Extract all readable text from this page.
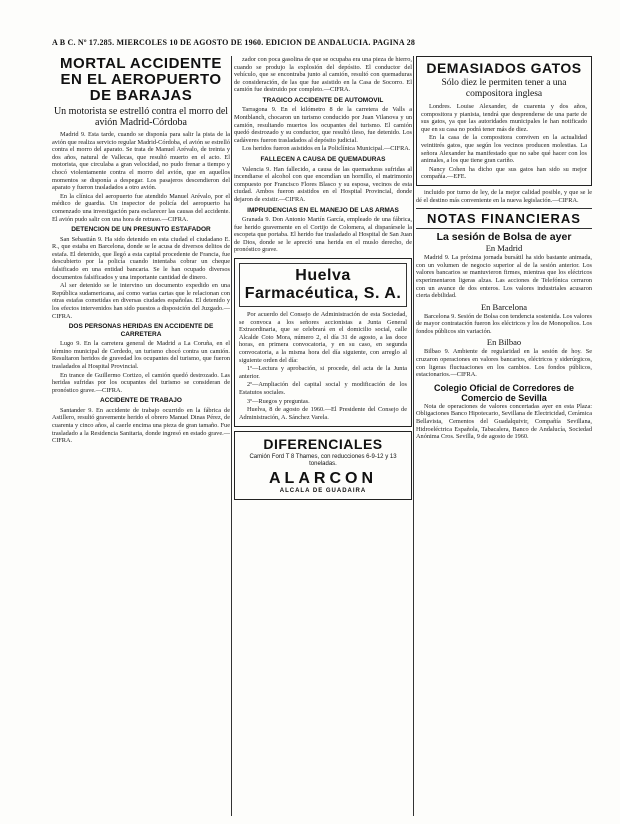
A B C. Nº 17.285. MIERCOLES 10 DE AGOSTO DE 1960. EDICION DE ANDALUCIA. PAGINA 28
MORTAL ACCIDENTE EN EL AEROPUERTO DE BARAJAS
Un motorista se estrelló contra el morro del avión Madrid-Córdoba

Madrid 9. Esta tarde, cuando se disponía para salir la pista de la avión que realiza servicio regular Madrid-Córdoba, el avión se estrelló contra el morro del aparato. Se trata de Manuel Arévalo, de treinta y dos años, natural de Vallecas, que resultó muerto en el acto. El motorista, que circulaba a gran velocidad, no pudo frenar a tiempo y chocó violentamente contra el morro del avión, que en aquellos momentos se disponía a despegar. Los pasajeros descendieron del aparato y fueron trasladados a otro avión.

En la clínica del aeropuerto fue atendido Manuel Arévalo, por el médico de guardia. Un inspector de policía del aeropuerto ha comenzado una investigación para esclarecer las causas del accidente. El avión pudo salir con una hora de retraso.—CIFRA.

DETENCION DE UN PRESUNTO ESTAFADOR

San Sebastián 9. Ha sido detenido en esta ciudad el ciudadano E. R., que estaba en Barcelona, donde se le acusa de diversos delitos de estafa. El detenido, que llegó a esta capital procedente de Francia, fue descubierto por la policía cuando intentaba cobrar un cheque falsificado en una entidad bancaria. Se le han ocupado diversos documentos falsificados y una importante cantidad de dinero.

Al ser detenido se le intervino un documento expedido en una República sudamericana, así como varias cartas que le relacionan con otras estafas cometidas en diversas ciudades españolas. El detenido y los efectos intervenidos han sido puestos a disposición del Juzgado.—CIFRA.

DOS PERSONAS HERIDAS EN ACCIDENTE DE CARRETERA

Lugo 9. En la carretera general de Madrid a La Coruña, en el término municipal de Cerdedo, un turismo chocó contra un camión. Resultaron heridos de gravedad los ocupantes del turismo, que fueron trasladados al Hospital Provincial.

En trance de Guillermo Cortizo, el camión quedó destrozado. Las heridas sufridas por los ocupantes del turismo se consideran de pronóstico grave.—CIFRA.

ACCIDENTE DE TRABAJO

Santander 9. En accidente de trabajo ocurrido en la fábrica de Astillero, resultó gravemente herido el obrero Manuel Dinas Pérez, de cuarenta y cinco años, al caerle encima una pieza de gran tamaño. Fue trasladado a la Residencia Sanitaria, donde ingresó en estado grave.—CIFRA.

zador con poca gasolina de que se ocupaba era una pieza de hierro, cuando se produjo la explosión del depósito. El conductor del vehículo, que se encontraba junto al camión, resultó con quemaduras de consideración, de las que fue asistido en la Casa de Socorro. El camión fue destruido por completo.—CIFRA.

TRAGICO ACCIDENTE DE AUTOMOVIL

Tarragona 9. En el kilómetro 8 de la carretera de Valls a Montblanch, chocaron un turismo conducido por Juan Vilanova y un camión, resultando muertos los ocupantes del turismo. El camión quedó destrozado y su conductor, que resultó ileso, fue detenido. Los cadáveres fueron trasladados al depósito judicial.

Los heridos fueron asistidos en la Policlínica Municipal.—CIFRA.

FALLECEN A CAUSA DE QUEMADURAS

Valencia 9. Han fallecido, a causa de las quemaduras sufridas al incendiarse el alcohol con que encendían un hornillo, el matrimonio compuesto por Francisco Flores Blasco y su esposa, vecinos de esta ciudad. Ambos fueron asistidos en el Hospital Provincial, donde dejaron de existir.—CIFRA.

IMPRUDENCIAS EN EL MANEJO DE LAS ARMAS

Granada 9. Don Antonio Martín García, empleado de una fábrica, fue herido gravemente en el Cortijo de Colomera, al disparársele la escopeta que portaba. El herido fue trasladado al Hospital de San Juan de Dios, donde se le apreció una herida en el muslo derecho, de pronóstico grave.

Huelva Farmacéutica, S. A.

Por acuerdo del Consejo de Administración de esta Sociedad, se convoca a los señores accionistas a Junta General Extraordinaria, que se celebrará en el domicilio social, calle Alcalde Coto Mora, número 2, el día 31 de agosto, a las doce horas, en primera convocatoria, y en su caso, en segunda convocatoria, a la misma hora del día siguiente, con arreglo al siguiente orden del día:

1º—Lectura y aprobación, si procede, del acta de la Junta anterior.

2º—Ampliación del capital social y modificación de los Estatutos sociales.

3º—Ruegos y preguntas.

Huelva, 8 de agosto de 1960.—El Presidente del Consejo de Administración, A. Sánchez Varela.

DIFERENCIALES
Camión Ford T 8 Thames, con reducciones 6-9-12 y 13 toneladas.
ALARCON
ALCALA DE GUADAIRA
DEMASIADOS GATOS
Sólo diez le permiten tener a una compositora inglesa

Londres. Louise Alexander, de cuarenta y dos años, compositora y pianista, tendrá que desprenderse de una parte de sus gatos, ya que las autoridades municipales le han notificado que en su casa no podrá tener más de diez.

En la casa de la compositora conviven en la actualidad veintitrés gatos, que según los vecinos producen molestias. La señora Alexander ha manifestado que no sabe qué hacer con los animales, a los que tiene gran cariño.

Nancy Cohen ha dicho que sus gatos han sido su mejor compañía.—EFE.

incluido por turno de ley, de la mejor calidad posible, y que se le dé el destino más conveniente en la nueva legislación.—CIFRA.

NOTAS FINANCIERAS
La sesión de Bolsa de ayer
En Madrid

Madrid 9. La próxima jornada bursátil ha sido bastante animada, con un volumen de negocio superior al de la sesión anterior. Los valores bancarios se mantuvieron firmes, mientras que los eléctricos experimentaron ligeras alzas. Las acciones de Telefónica cerraron con un avance de dos enteros. Los valores industriales acusaron cierta debilidad.

En Barcelona

Barcelona 9. Sesión de Bolsa con tendencia sostenida. Los valores de mayor contratación fueron los eléctricos y los de Monopolios. Los fondos públicos sin variación.

En Bilbao

Bilbao 9. Ambiente de regularidad en la sesión de hoy. Se cruzaron operaciones en valores bancarios, eléctricos y siderúrgicos, con ligeras fluctuaciones en los cambios. Los fondos públicos, estacionarios.—CIFRA.

Colegio Oficial de Corredores de Comercio de Sevilla

Nota de operaciones de valores concertadas ayer en esta Plaza: Obligaciones Banco Hipotecario, Sevillana de Electricidad, Cerámica Bellavista, Cementos del Guadalquivir, Compañía Sevillana, Hidroeléctrica Española, Tabacalera, Banco de Andalucía, Sociedad Anónima Cros. Sevilla, 9 de agosto de 1960.
